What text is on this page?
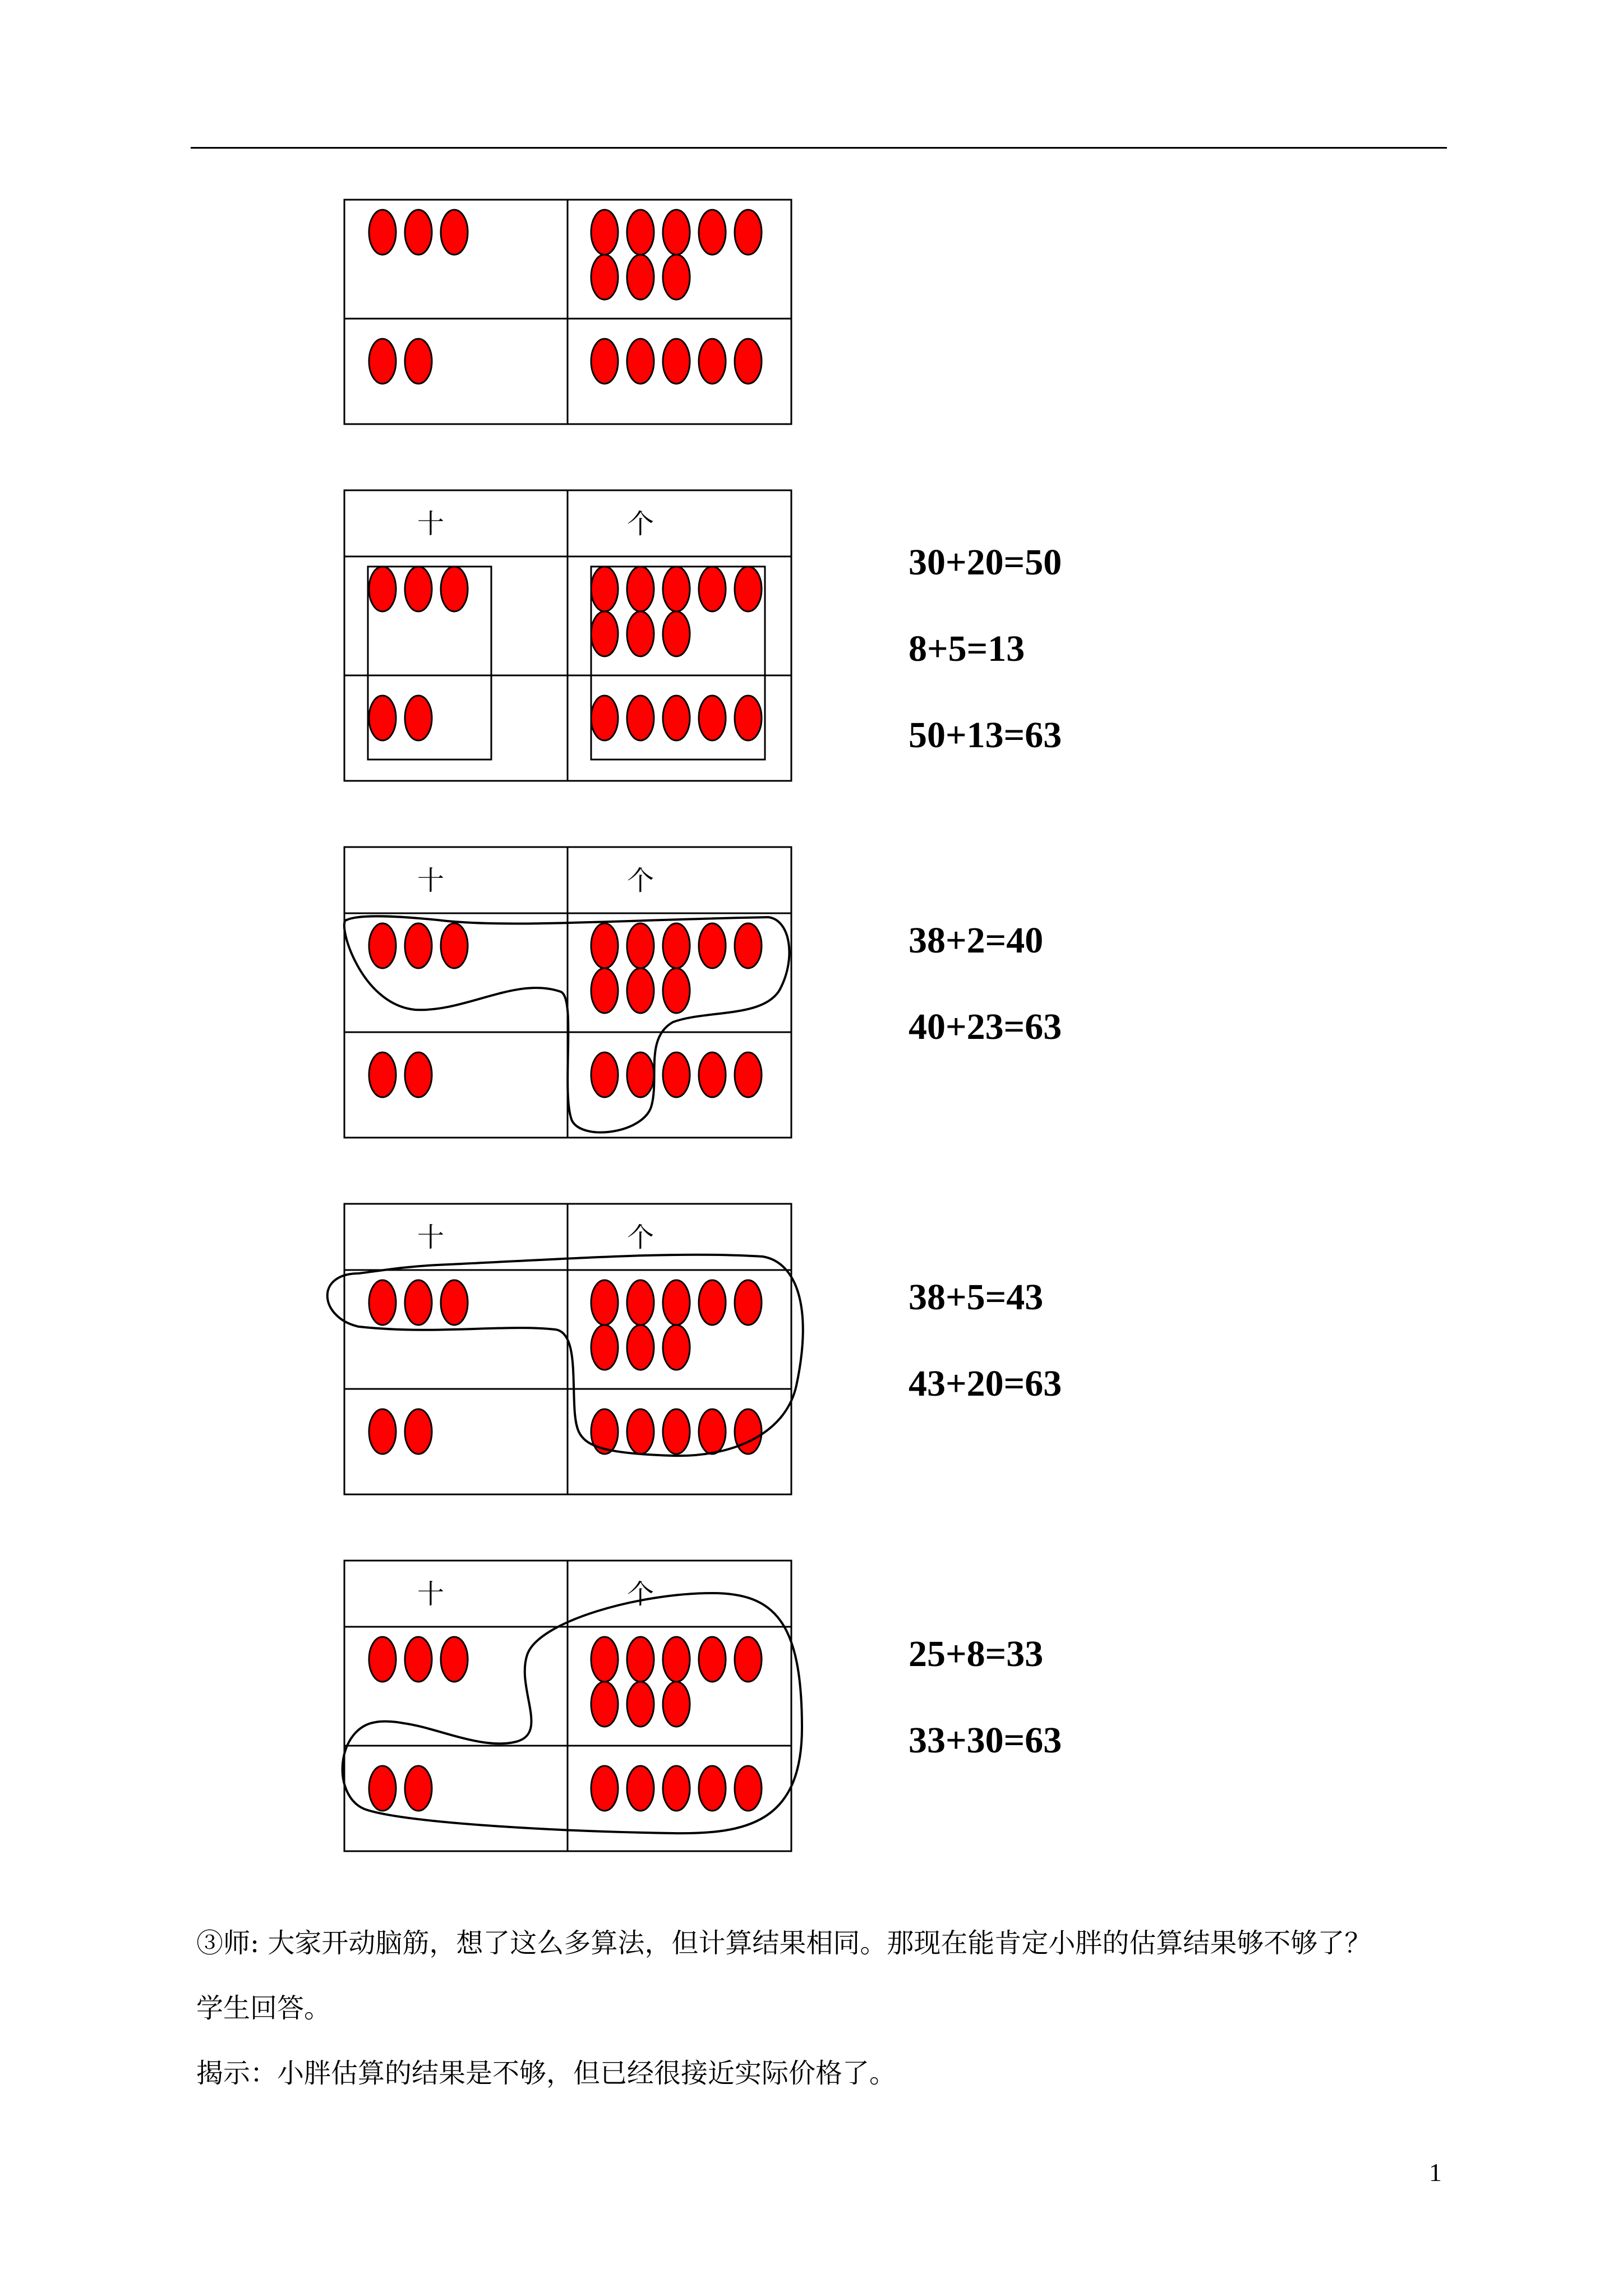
十	个
十	个
十	个
十	个
30+20=50
8+5=13
50+13=63
38+2=40
40+23=63
38+5=43
43+20=63
25+8=33
33+30=63
③师: 大家开动脑筋，想了这么多算法，但计算结果相同。那现在能肯定小胖的估算结果够不够了？
学生回答。
揭示：小胖估算的结果是不够，但已经很接近实际价格了。
1
